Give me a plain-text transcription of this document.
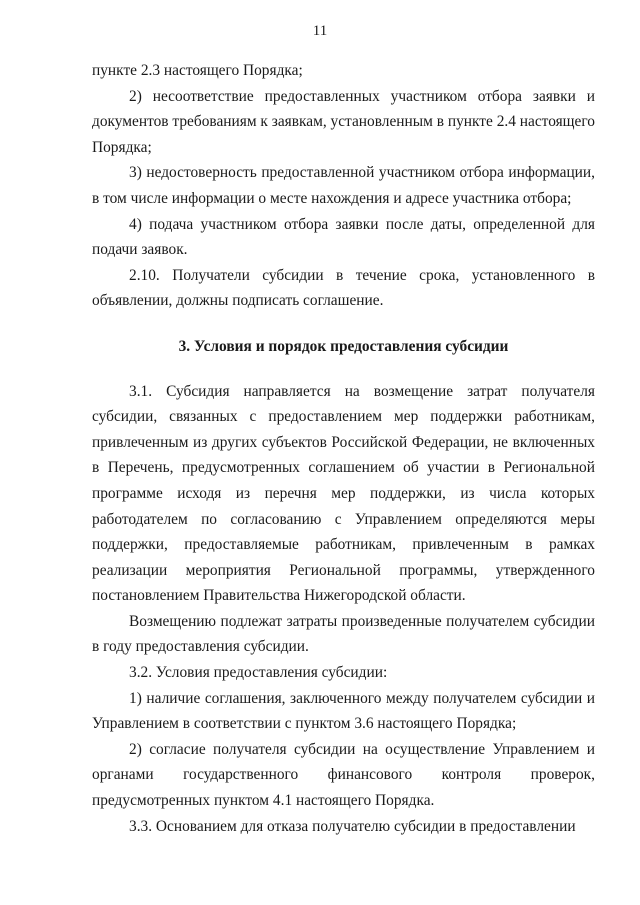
11

пункте 2.3 настоящего Порядка;

2) несоответствие предоставленных участником отбора заявки и документов требованиям к заявкам, установленным в пункте 2.4 настоящего Порядка;

3) недостоверность предоставленной участником отбора информации, в том числе информации о месте нахождения и адресе участника отбора;

4) подача участником отбора заявки после даты, определенной для подачи заявок.

2.10. Получатели субсидии в течение срока, установленного в объявлении, должны подписать соглашение.

3. Условия и порядок предоставления субсидии

3.1. Субсидия направляется на возмещение затрат получателя субсидии, связанных с предоставлением мер поддержки работникам, привлеченным из других субъектов Российской Федерации, не включенных в Перечень, предусмотренных соглашением об участии в Региональной программе исходя из перечня мер поддержки, из числа которых работодателем по согласованию с Управлением определяются меры поддержки, предоставляемые работникам, привлеченным в рамках реализации мероприятия Региональной программы, утвержденного постановлением Правительства Нижегородской области.

Возмещению подлежат затраты произведенные получателем субсидии в году предоставления субсидии.

3.2. Условия предоставления субсидии:

1) наличие соглашения, заключенного между получателем субсидии и Управлением в соответствии с пунктом 3.6 настоящего Порядка;

2) согласие получателя субсидии на осуществление Управлением и органами государственного финансового контроля проверок, предусмотренных пунктом 4.1 настоящего Порядка.

3.3. Основанием для отказа получателю субсидии в предоставлении
